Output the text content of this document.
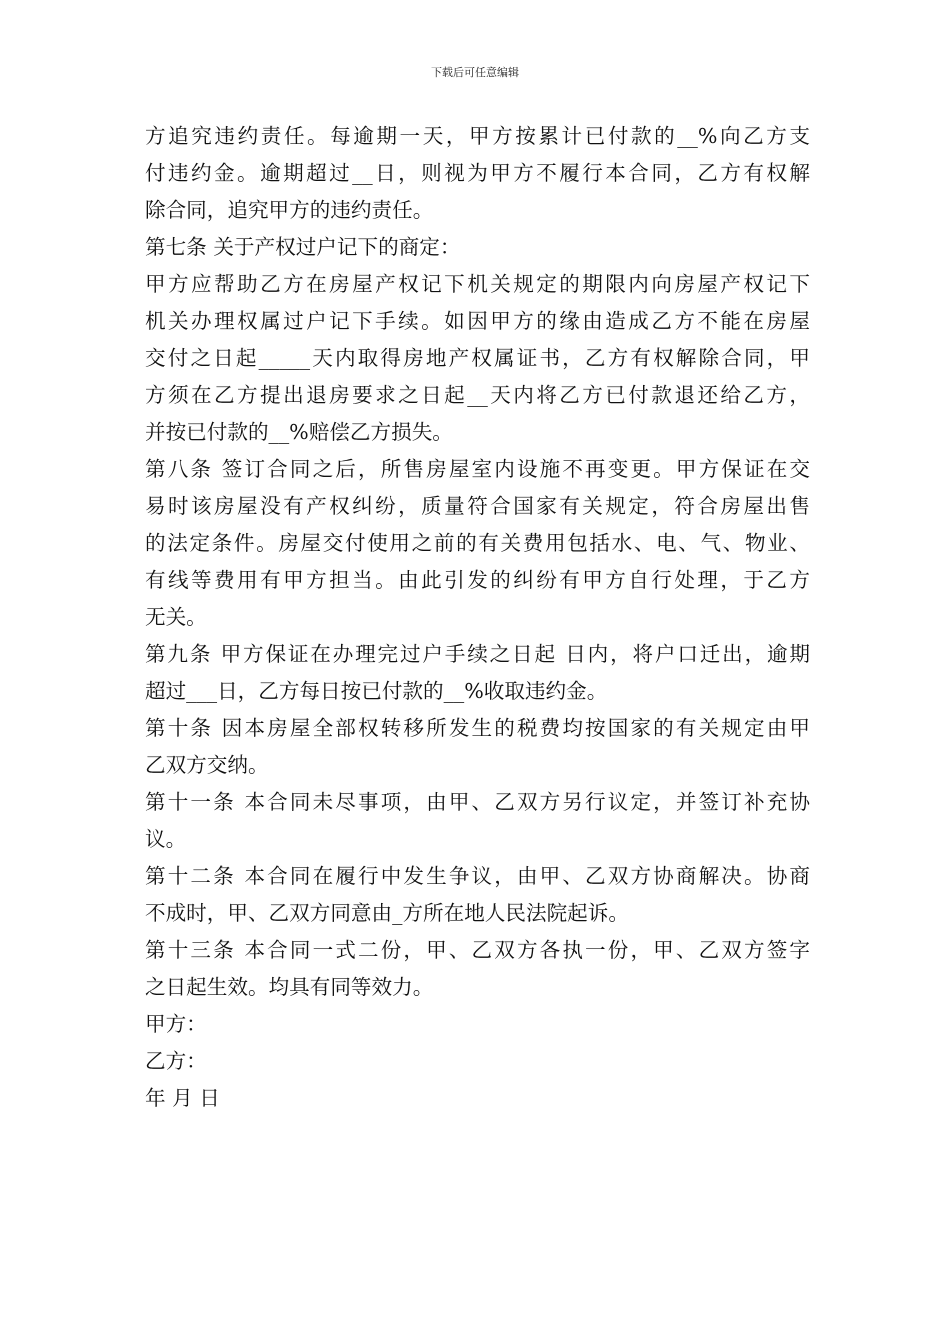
下载后可任意编辑
方追究违约责任。每逾期一天，甲方按累计已付款的__%向乙方支
付违约金。逾期超过__日，则视为甲方不履行本合同，乙方有权解
除合同，追究甲方的违约责任。
第七条 关于产权过户记下的商定：
甲方应帮助乙方在房屋产权记下机关规定的期限内向房屋产权记下
机关办理权属过户记下手续。如因甲方的缘由造成乙方不能在房屋
交付之日起_____天内取得房地产权属证书，乙方有权解除合同，甲
方须在乙方提出退房要求之日起__天内将乙方已付款退还给乙方，
并按已付款的__%赔偿乙方损失。
第八条 签订合同之后，所售房屋室内设施不再变更。甲方保证在交
易时该房屋没有产权纠纷，质量符合国家有关规定，符合房屋出售
的法定条件。房屋交付使用之前的有关费用包括水、电、气、物业、
有线等费用有甲方担当。由此引发的纠纷有甲方自行处理，于乙方
无关。
第九条 甲方保证在办理完过户手续之日起 日内，将户口迁出，逾期
超过___日，乙方每日按已付款的__%收取违约金。
第十条 因本房屋全部权转移所发生的税费均按国家的有关规定由甲
乙双方交纳。
第十一条 本合同未尽事项，由甲、乙双方另行议定，并签订补充协
议。
第十二条 本合同在履行中发生争议，由甲、乙双方协商解决。协商
不成时，甲、乙双方同意由_方所在地人民法院起诉。
第十三条 本合同一式二份，甲、乙双方各执一份，甲、乙双方签字
之日起生效。均具有同等效力。
甲方：
乙方：
年 月 日
